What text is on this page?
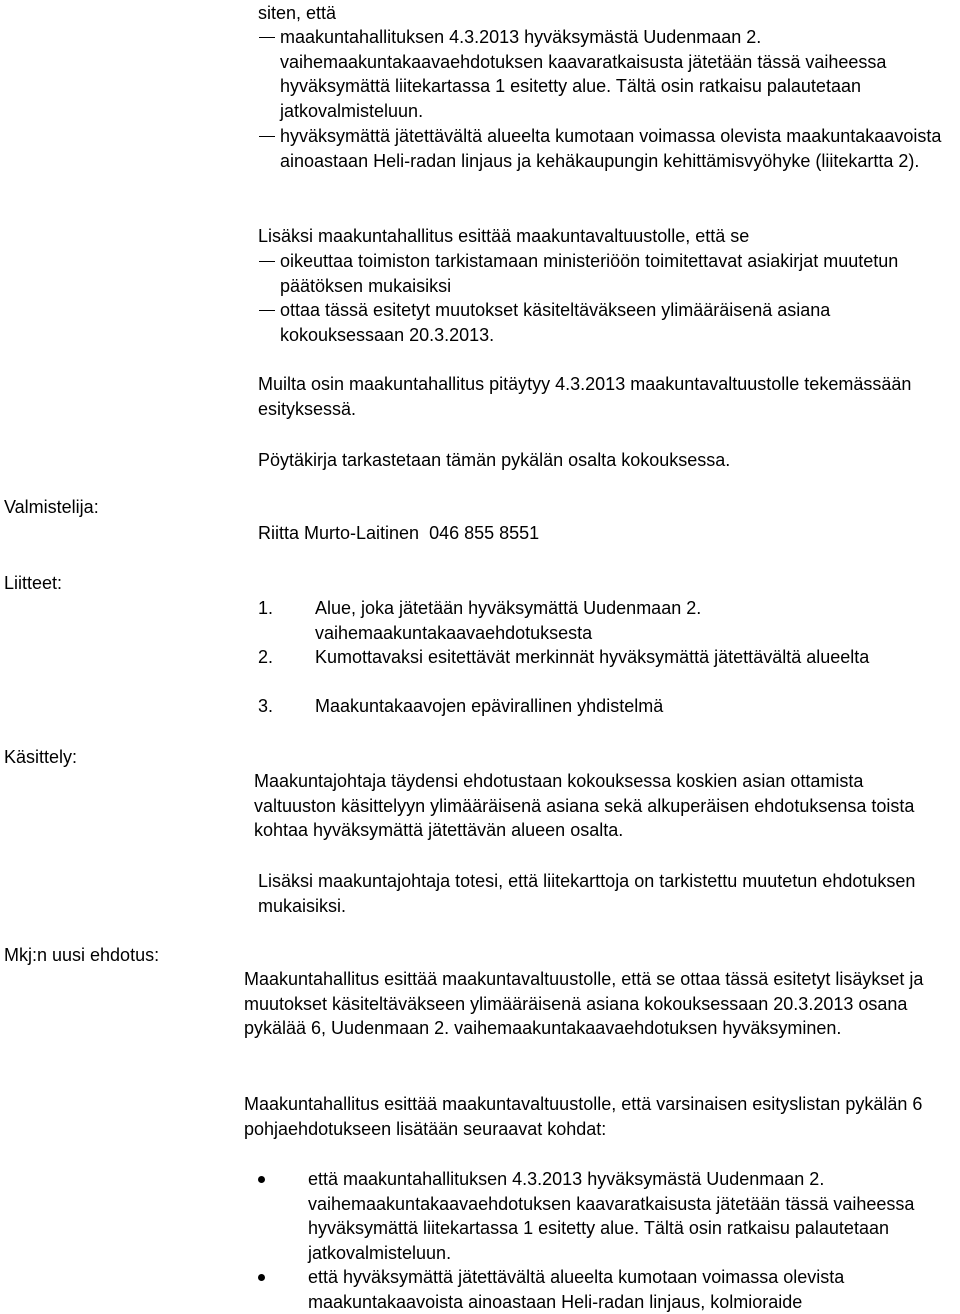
siten, että

maakuntahallituksen 4.3.2013 hyväksymästä Uudenmaan 2. vaihemaakuntakaavaehdotuksen kaavaratkaisusta jätetään tässä vaiheessa hyväksymättä liitekartassa 1 esitetty alue. Tältä osin ratkaisu palautetaan jatkovalmisteluun.

hyväksymättä jätettävältä alueelta kumotaan voimassa olevista maakuntakaavoista ainoastaan Heli-radan linjaus ja kehäkaupungin kehittämisvyöhyke (liitekartta 2).

Lisäksi maakuntahallitus esittää maakuntavaltuustolle, että se

oikeuttaa toimiston tarkistamaan ministeriöön toimitettavat asiakirjat muutetun päätöksen mukaisiksi

ottaa tässä esitetyt muutokset käsiteltäväkseen ylimääräisenä asiana kokouksessaan 20.3.2013.

Muilta osin maakuntahallitus pitäytyy 4.3.2013 maakuntavaltuustolle tekemässään esityksessä.

Pöytäkirja tarkastetaan tämän pykälän osalta kokouksessa.

Valmistelija:

Riitta Murto-Laitinen  046 855 8551

Liitteet:

1. Alue, joka jätetään hyväksymättä Uudenmaan 2. vaihemaakuntakaavaehdotuksesta

2. Kumottavaksi esitettävät merkinnät hyväksymättä jätettävältä alueelta

3. Maakuntakaavojen epävirallinen yhdistelmä

Käsittely:

Maakuntajohtaja täydensi ehdotustaan kokouksessa koskien asian ottamista valtuuston käsittelyyn ylimääräisenä asiana sekä alkuperäisen ehdotuksensa toista kohtaa hyväksymättä jätettävän alueen osalta.

Lisäksi maakuntajohtaja totesi, että liitekarttoja on tarkistettu muutetun ehdotuksen mukaisiksi.

Mkj:n uusi ehdotus:

Maakuntahallitus esittää maakuntavaltuustolle, että se ottaa tässä esitetyt lisäykset ja muutokset käsiteltäväkseen ylimääräisenä asiana kokouksessaan 20.3.2013 osana pykälää 6, Uudenmaan 2. vaihemaakuntakaavaehdotuksen hyväksyminen.

Maakuntahallitus esittää maakuntavaltuustolle, että varsinaisen esityslistan pykälän 6 pohjaehdotukseen lisätään seuraavat kohdat:

että maakuntahallituksen 4.3.2013 hyväksymästä Uudenmaan 2. vaihemaakuntakaavaehdotuksen kaavaratkaisusta jätetään tässä vaiheessa hyväksymättä liitekartassa 1 esitetty alue. Tältä osin ratkaisu palautetaan jatkovalmisteluun.

että hyväksymättä jätettävältä alueelta kumotaan voimassa olevista maakuntakaavoista ainoastaan Heli-radan linjaus, kolmioraide
